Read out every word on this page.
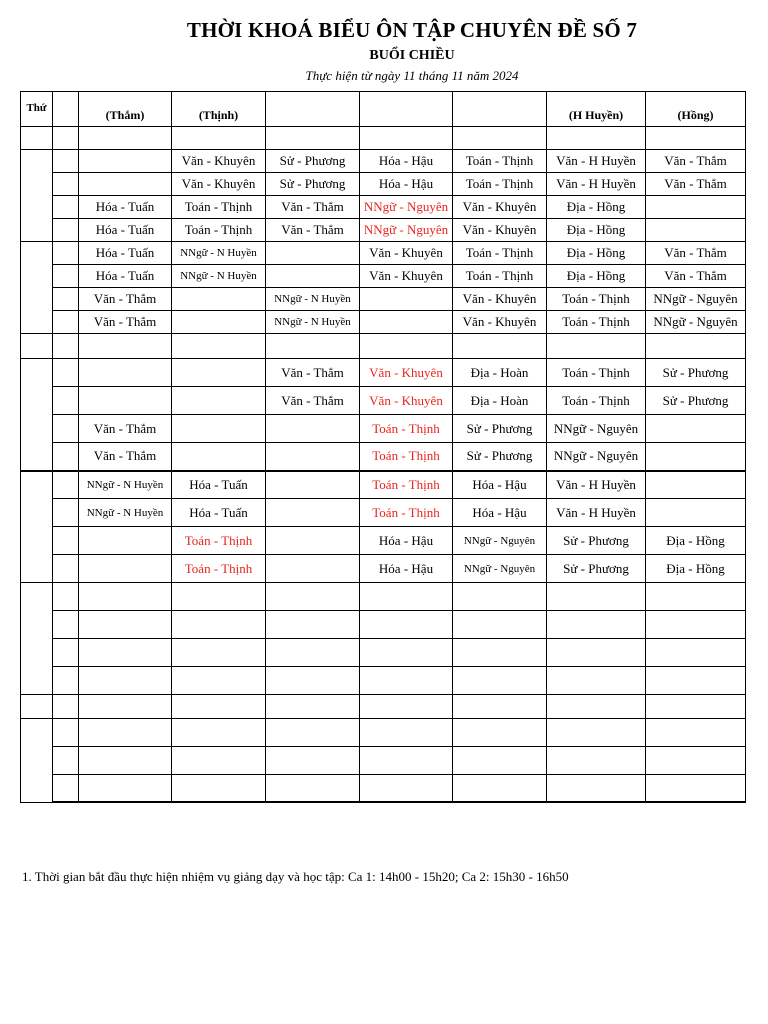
THỜI KHOÁ BIỂU ÔN TẬP CHUYÊN ĐỀ SỐ 7
BUỔI CHIỀU
Thực hiện từ ngày 11 tháng 11 năm 2024
Thứ		(Thắm)	(Thịnh)				(H Huyền)	(Hồng)

			Văn - Khuyên	Sử - Phương	Hóa - Hậu	Toán - Thịnh	Văn - H Huyền	Văn - Thắm
			Văn - Khuyên	Sử - Phương	Hóa - Hậu	Toán - Thịnh	Văn - H Huyền	Văn - Thắm
		Hóa - Tuấn	Toán - Thịnh	Văn - Thắm	NNgữ - Nguyên	Văn - Khuyên	Địa - Hồng	
		Hóa - Tuấn	Toán - Thịnh	Văn - Thắm	NNgữ - Nguyên	Văn - Khuyên	Địa - Hồng	
		Hóa - Tuấn	NNgữ - N Huyền		Văn - Khuyên	Toán - Thịnh	Địa - Hồng	Văn - Thắm
		Hóa - Tuấn	NNgữ - N Huyền		Văn - Khuyên	Toán - Thịnh	Địa - Hồng	Văn - Thắm
		Văn - Thắm		NNgữ - N Huyền		Văn - Khuyên	Toán - Thịnh	NNgữ - Nguyên
		Văn - Thắm		NNgữ - N Huyền		Văn - Khuyên	Toán - Thịnh	NNgữ - Nguyên

				Văn - Thắm	Văn - Khuyên	Địa - Hoàn	Toán - Thịnh	Sử - Phương
				Văn - Thắm	Văn - Khuyên	Địa - Hoàn	Toán - Thịnh	Sử - Phương
		Văn - Thắm			Toán - Thịnh	Sử - Phương	NNgữ - Nguyên	
		Văn - Thắm			Toán - Thịnh	Sử - Phương	NNgữ - Nguyên	
		NNgữ - N Huyền	Hóa - Tuấn		Toán - Thịnh	Hóa - Hậu	Văn - H Huyền	
		NNgữ - N Huyền	Hóa - Tuấn		Toán - Thịnh	Hóa - Hậu	Văn - H Huyền	
			Toán - Thịnh		Hóa - Hậu	NNgữ - Nguyên	Sử - Phương	Địa - Hồng
			Toán - Thịnh		Hóa - Hậu	NNgữ - Nguyên	Sử - Phương	Địa - Hồng

1. Thời gian bắt đầu thực hiện nhiệm vụ giảng dạy và học tập: Ca 1: 14h00 - 15h20; Ca 2: 15h30 - 16h50
